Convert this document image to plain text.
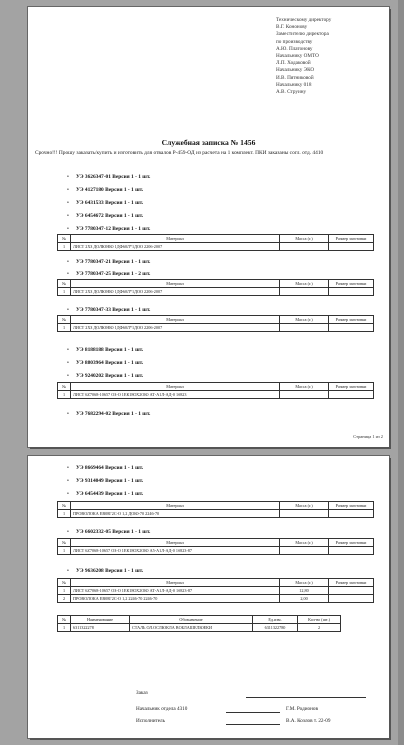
Техническому директору
В.Г. Кононову
Заместителю директора
по производству
А.Ю. Платонову
Начальнику ОМТО
Л.П. Ходаковой
Начальнику ЭКО
И.В. Пятниковой
Начальнику 018
А.В. Струину
Служебная записка № 1456
Срочно!!! Прошу заказать/купить и изготовить для отвалов Р-459-ОД из расчета на 1 комплект. ПКИ заказаны согл. отд. 4410
• УЭ 3626347-01 Версия 1 - 1 шт.
• УЭ 4127180 Версия 1 - 1 шт.
• УЭ 6431533 Версия 1 - 1 шт.
• УЭ 6454672 Версия 1 - 1 шт.
• УЭ 7780347-12 Версия 1 - 1 шт.
№	Материал	Масса (г.)	Размер заготовки
1	ЛИСТ 2ХЗ ДОЛЮНЮ 1ДФ60Л*1ДОО 2206-2007		
• УЭ 7780347-21 Версия 1 - 1 шт.
• УЭ 7780347-25 Версия 1 - 2 шт.
№	Материал	Масса (г.)	Размер заготовки
1	ЛИСТ 2ХЗ ДОЛЮНЮ 1ДФ60Л*1ДОО 2206-2007		
• УЭ 7780347-33 Версия 1 - 1 шт.
№	Материал	Масса (г.)	Размер заготовки
1	ЛИСТ 2ХЗ ДОЛЮНЮ 1ДФ60Л*1ДОО 2206-2007		
• УЭ 8188188 Версия 1 - 1 шт.
• УЭ 8803964 Версия 1 - 1 шт.
• УЭ 9240202 Версия 1 - 1 шт.
№	Материал	Масса (г.)	Размер заготовки
1	ЛИСТ 6Z7068-10657 ОЗ-О 1ЕК18ОХ2ОЮ АТ-А1Л-АД-0 1б823		
• УЭ 7682294-02 Версия 1 - 1 шт.
Страница 1 из 2
• УЭ 8669464 Версия 1 - 1 шт.
• УЭ 9314049 Версия 1 - 1 шт.
• УЭ 6454439 Версия 1 - 1 шт.
№	Материал	Масса (г.)	Размер заготовки
1	ПРОВОЛОКА ЕВ08Г2С-О 1,2 ДОЮ-70 2246-70		
• УЭ 6602332-05 Версия 1 - 1 шт.
№	Материал	Масса (г.)	Размер заготовки
1	ЛИСТ 6Z7068-10657 ОЗ-О 1ЕК18ОХ2ОЮ А5-А1Л-АД-0 1б823-87		
• УЭ 9636208 Версия 1 - 1 шт.
№	Материал	Масса (г.)	Размер заготовки
1	ЛИСТ 6Z7068-10657 ОЗ-О 1ЕК18ОХ2ОЮ АТ-А1Л-АД-0 1б823-87	12,80	
2	ПРОВОЛОКА ЕВ08Г2С-О 1,2 2246-70 2246-70	2,00	
№	Наименование	Обозначение	Ед.изм.	Кол-во (шт.)
1	6311322278	СТАЛЬ ОЛ.ОСЛЮКЛА ВОБЛАШЕЛЮЕКИ	6311322780	2
Заказ
Начальник отдела 4310	Г.М. Родионов
Исполнитель	В.А. Козлов т. 22-09
